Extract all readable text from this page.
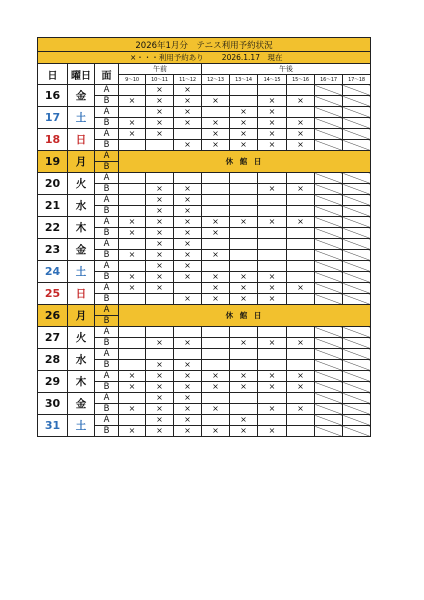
2026年1月分　テニス利用予約状況											
×・・・利用予約あり 2026.1.17　現在											
日	曜日	面	午前			午後					
			9～10	10～11	11～12	12～13	13～14	14～15	15～16	16～17	17～18
16	金	A		×	×						
		B	×	×	×	×		×	×		
17	土	A		×	×		×	×			
		B	×	×	×	×	×	×	×		
18	日	A	×	×		×	×	×	×		
		B			×	×	×	×	×		
19	月	A	休 館 日								
		B									
20	火	A									
		B		×	×			×	×		
21	水	A		×	×						
		B		×	×						
22	木	A	×	×	×	×	×	×	×		
		B	×	×	×	×					
23	金	A		×	×						
		B	×	×	×	×					
24	土	A		×	×						
		B	×	×	×	×	×	×			
25	日	A	×	×		×	×	×	×		
		B			×	×	×	×			
26	月	A	休 館 日								
		B									
27	火	A									
		B		×	×		×	×	×		
28	水	A									
		B		×	×						
29	木	A	×	×	×	×	×	×	×		
		B	×	×	×	×	×	×	×		
30	金	A		×	×						
		B	×	×	×	×		×	×		
31	土	A		×	×		×				
		B	×	×	×	×	×	×			
